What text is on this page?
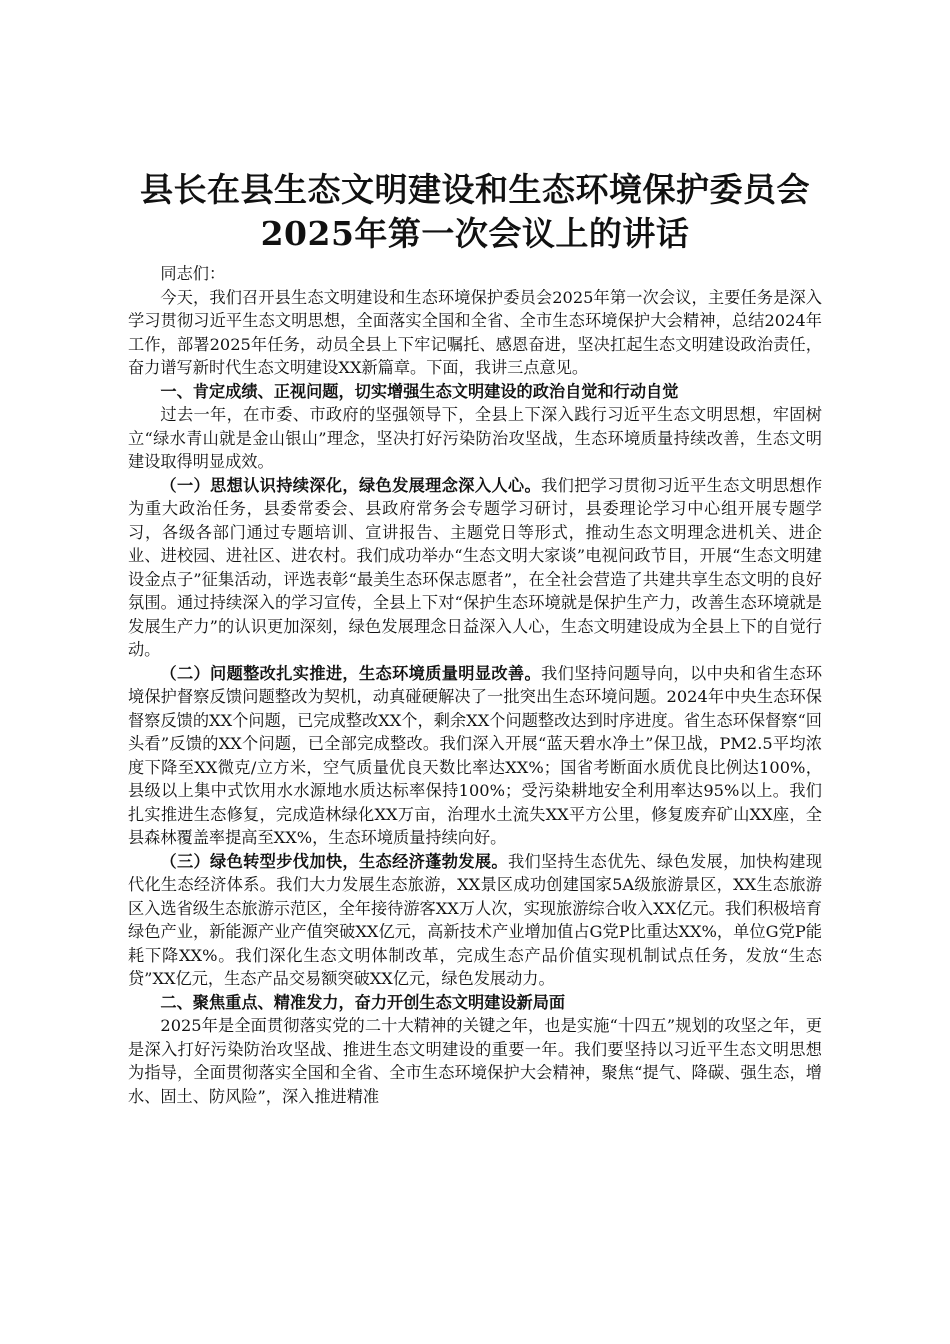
县长在县生态文明建设和生态环境保护委员会
2025年第一次会议上的讲话

同志们：

今天，我们召开县生态文明建设和生态环境保护委员会2025年第一次会议，主要任务是深入学习贯彻习近平生态文明思想，全面落实全国和全省、全市生态环境保护大会精神，总结2024年工作，部署2025年任务，动员全县上下牢记嘱托、感恩奋进，坚决扛起生态文明建设政治责任，奋力谱写新时代生态文明建设XX新篇章。下面，我讲三点意见。

一、肯定成绩、正视问题，切实增强生态文明建设的政治自觉和行动自觉

过去一年，在市委、市政府的坚强领导下，全县上下深入践行习近平生态文明思想，牢固树立“绿水青山就是金山银山”理念，坚决打好污染防治攻坚战，生态环境质量持续改善，生态文明建设取得明显成效。

（一）思想认识持续深化，绿色发展理念深入人心。我们把学习贯彻习近平生态文明思想作为重大政治任务，县委常委会、县政府常务会专题学习研讨，县委理论学习中心组开展专题学习，各级各部门通过专题培训、宣讲报告、主题党日等形式，推动生态文明理念进机关、进企业、进校园、进社区、进农村。我们成功举办“生态文明大家谈”电视问政节目，开展“生态文明建设金点子”征集活动，评选表彰“最美生态环保志愿者”，在全社会营造了共建共享生态文明的良好氛围。通过持续深入的学习宣传，全县上下对“保护生态环境就是保护生产力，改善生态环境就是发展生产力”的认识更加深刻，绿色发展理念日益深入人心，生态文明建设成为全县上下的自觉行动。

（二）问题整改扎实推进，生态环境质量明显改善。我们坚持问题导向，以中央和省生态环境保护督察反馈问题整改为契机，动真碰硬解决了一批突出生态环境问题。2024年中央生态环保督察反馈的XX个问题，已完成整改XX个，剩余XX个问题整改达到时序进度。省生态环保督察“回头看”反馈的XX个问题，已全部完成整改。我们深入开展“蓝天碧水净土”保卫战，PM2.5平均浓度下降至XX微克/立方米，空气质量优良天数比率达XX%；国省考断面水质优良比例达100%，县级以上集中式饮用水水源地水质达标率保持100%；受污染耕地安全利用率达95%以上。我们扎实推进生态修复，完成造林绿化XX万亩，治理水土流失XX平方公里，修复废弃矿山XX座，全县森林覆盖率提高至XX%，生态环境质量持续向好。

（三）绿色转型步伐加快，生态经济蓬勃发展。我们坚持生态优先、绿色发展，加快构建现代化生态经济体系。我们大力发展生态旅游，XX景区成功创建国家5A级旅游景区，XX生态旅游区入选省级生态旅游示范区，全年接待游客XX万人次，实现旅游综合收入XX亿元。我们积极培育绿色产业，新能源产业产值突破XX亿元，高新技术产业增加值占G党P比重达XX%，单位G党P能耗下降XX%。我们深化生态文明体制改革，完成生态产品价值实现机制试点任务，发放“生态贷”XX亿元，生态产品交易额突破XX亿元，绿色发展动力。

二、聚焦重点、精准发力，奋力开创生态文明建设新局面

2025年是全面贯彻落实党的二十大精神的关键之年，也是实施“十四五”规划的攻坚之年，更是深入打好污染防治攻坚战、推进生态文明建设的重要一年。我们要坚持以习近平生态文明思想为指导，全面贯彻落实全国和全省、全市生态环境保护大会精神，聚焦“提气、降碳、强生态，增水、固土、防风险”，深入推进精准
